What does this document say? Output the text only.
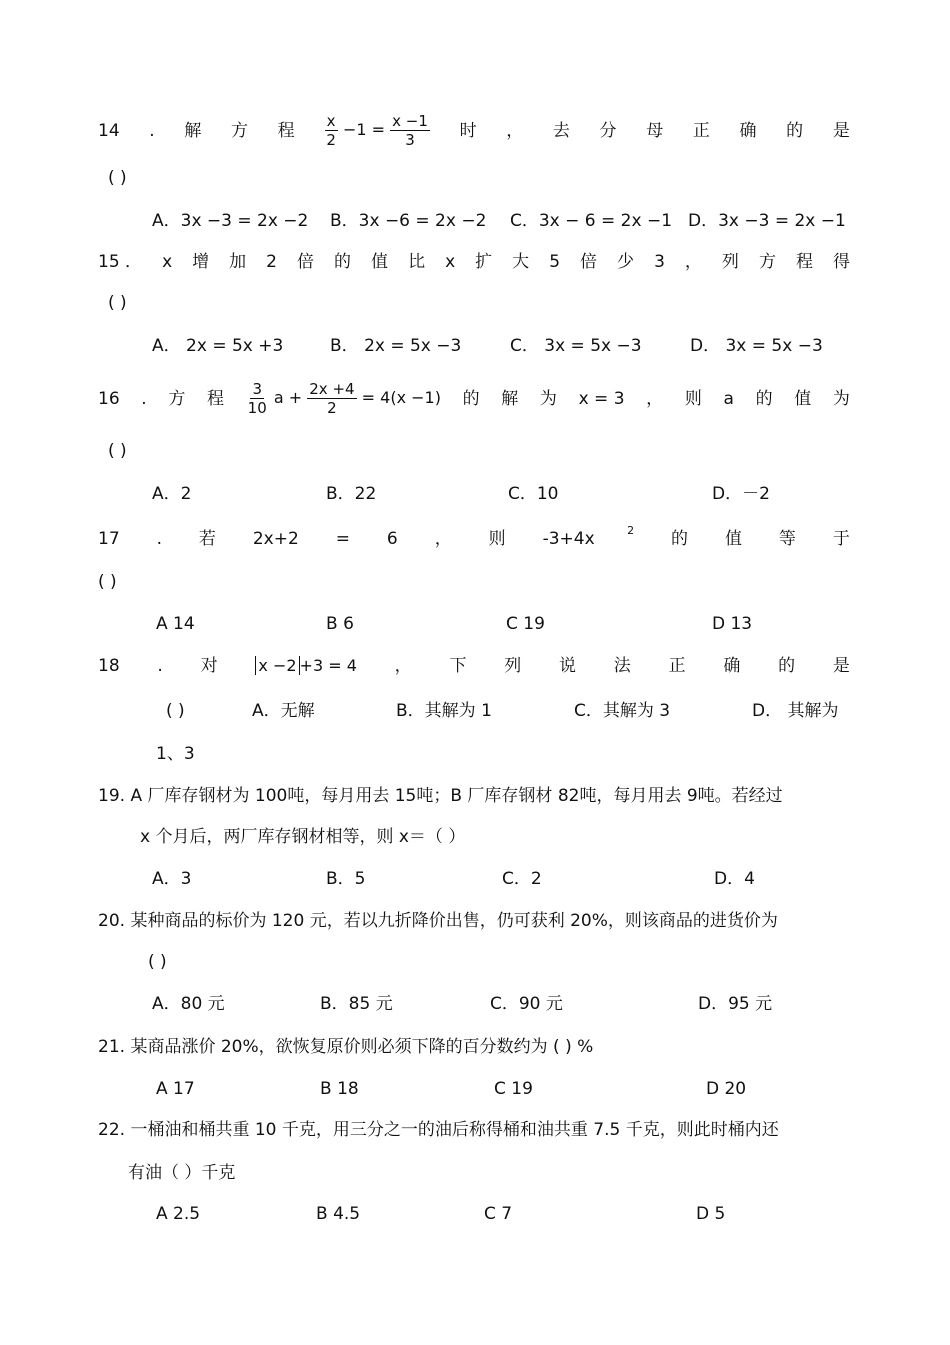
14 . 解 方 程 $\frac{x}{2} -1 = \frac{x -1}{3}$ 时 ， 去 分 母 正 确 的 是
( )
A．3x −3 = 2x −2 B．3x −6 = 2x −2 C．3x − 6 = 2x −1 D．3x −3 = 2x −1
15 ． x 增 加 2 倍 的 值 比 x 扩 大 5 倍 少 3 ， 列 方 程 得
( )
A． 2x = 5x +3	B． 2x = 5x −3	C． 3x = 5x −3	D． 3x = 5x −3
16 . 方 程 $\frac{3}{10}$ $a + \frac{2x +4}{2} = 4(x -1)$ 的 解 为 x = 3 ， 则 a 的 值 为
( )
A．2	B．22	C．10	D．－2
17 . 若 2x+2 = 6 ， 则 -3+4x	$^2$ 的 值 等 于
( )
A 14	B 6	C 19	D 13
18 . 对	x −2 +3 = 4 ， 下 列 说 法 正 确 的 是
( )	A．无解	B．其解为 1	C．其解为 3	D． 其解为
1、3
19. A 厂库存钢材为 100吨，每月用去 15吨；B 厂库存钢材 82吨，每月用去 9吨。若经过
x 个月后，两厂库存钢材相等，则 x＝（ ）
A．3	B．5	C．2	D．4
20. 某种商品的标价为 120 元，若以九折降价出售，仍可获利 20%，则该商品的进货价为
( )
A．80 元	B．85 元	C．90 元	D．95 元
21. 某商品涨价 20%，欲恢复原价则必须下降的百分数约为 ( ) %
A 17	B 18	C 19	D 20
22. 一桶油和桶共重 10 千克，用三分之一的油后称得桶和油共重 7.5 千克，则此时桶内还
有油（ ）千克
A 2.5	B 4.5	C 7	D 5
